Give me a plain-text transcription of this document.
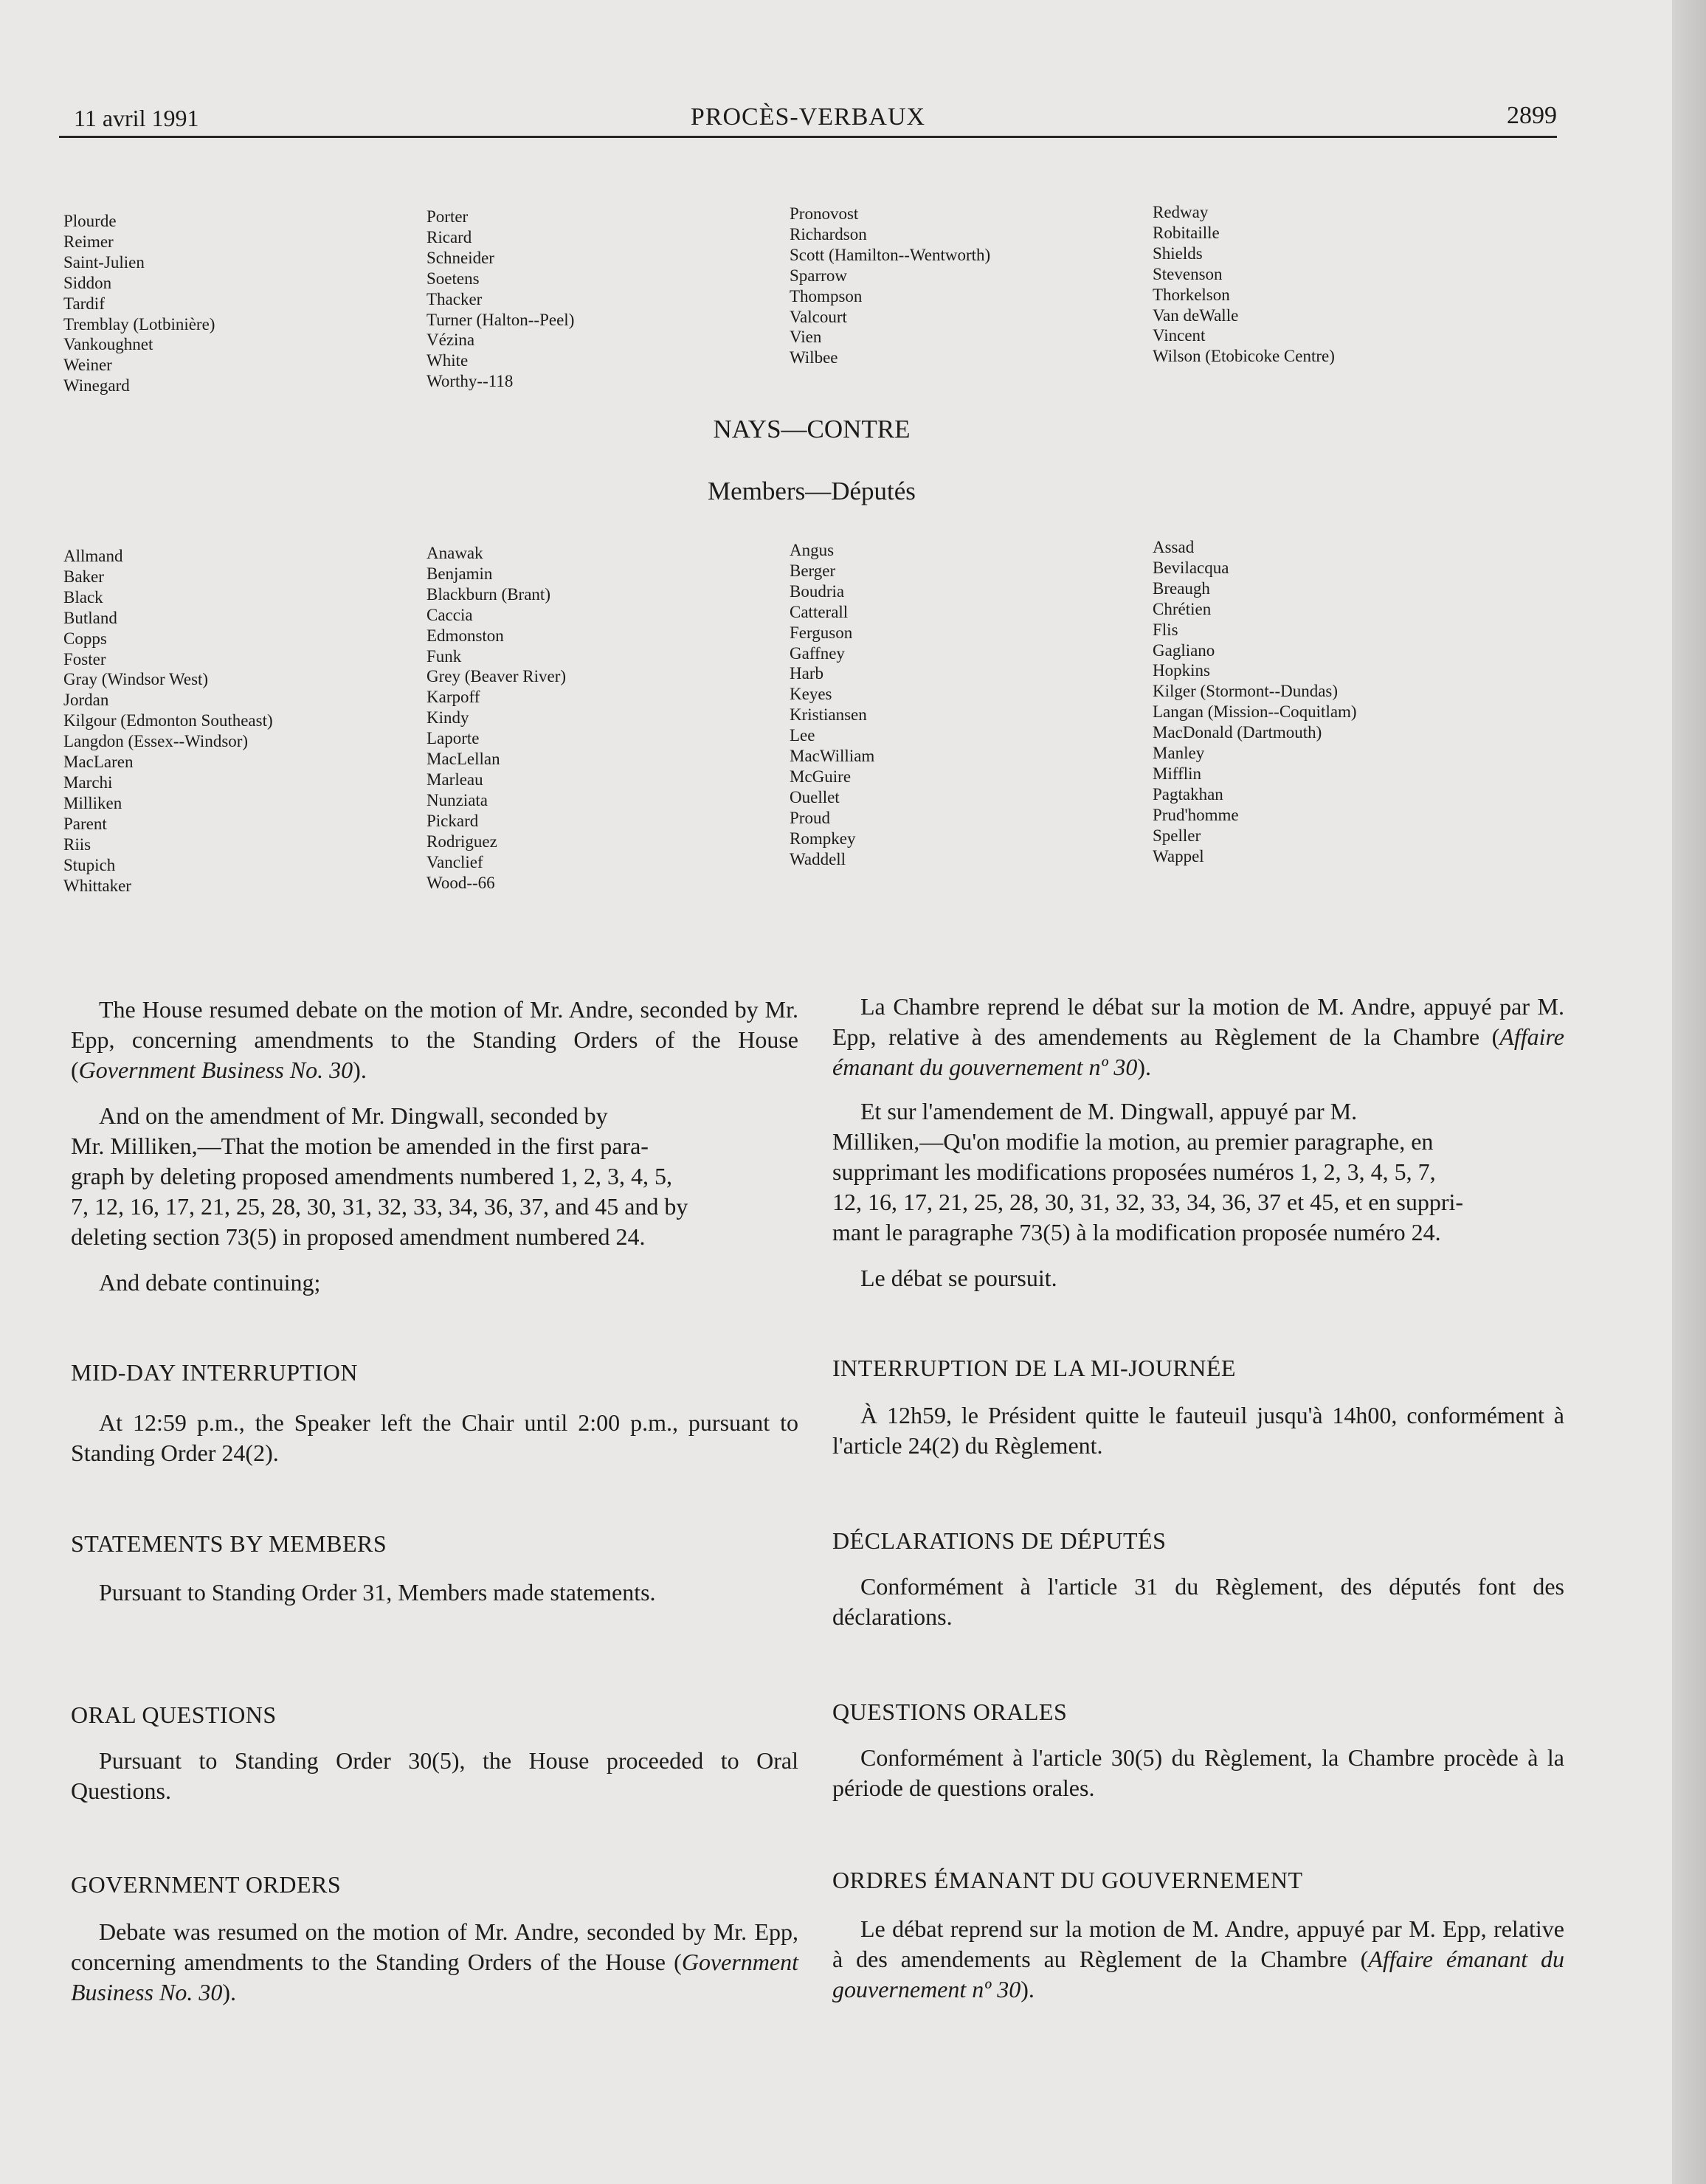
11 avril 1991	PROCÈS-VERBAUX	2899
Plourde
Reimer
Saint-Julien
Siddon
Tardif
Tremblay (Lotbinière)
Vankoughnet
Weiner
Winegard
Porter
Ricard
Schneider
Soetens
Thacker
Turner (Halton--Peel)
Vézina
White
Worthy--118
Pronovost
Richardson
Scott (Hamilton--Wentworth)
Sparrow
Thompson
Valcourt
Vien
Wilbee
Redway
Robitaille
Shields
Stevenson
Thorkelson
Van deWalle
Vincent
Wilson (Etobicoke Centre)
NAYS—CONTRE
Members—Députés
Allmand
Baker
Black
Butland
Copps
Foster
Gray (Windsor West)
Jordan
Kilgour (Edmonton Southeast)
Langdon (Essex--Windsor)
MacLaren
Marchi
Milliken
Parent
Riis
Stupich
Whittaker
Anawak
Benjamin
Blackburn (Brant)
Caccia
Edmonston
Funk
Grey (Beaver River)
Karpoff
Kindy
Laporte
MacLellan
Marleau
Nunziata
Pickard
Rodriguez
Vanclief
Wood--66
Angus
Berger
Boudria
Catterall
Ferguson
Gaffney
Harb
Keyes
Kristiansen
Lee
MacWilliam
McGuire
Ouellet
Proud
Rompkey
Waddell
Assad
Bevilacqua
Breaugh
Chrétien
Flis
Gagliano
Hopkins
Kilger (Stormont--Dundas)
Langan (Mission--Coquitlam)
MacDonald (Dartmouth)
Manley
Mifflin
Pagtakhan
Prud'homme
Speller
Wappel

The House resumed debate on the motion of Mr. Andre, seconded by Mr. Epp, concerning amendments to the Standing Orders of the House (Government Business No. 30).

And on the amendment of Mr. Dingwall, seconded by

Mr. Milliken,—That the motion be amended in the first para-

graph by deleting proposed amendments numbered 1, 2, 3, 4, 5,

7, 12, 16, 17, 21, 25, 28, 30, 31, 32, 33, 34, 36, 37, and 45 and by

deleting section 73(5) in proposed amendment numbered 24.

And debate continuing;

MID-DAY INTERRUPTION

At 12:59 p.m., the Speaker left the Chair until 2:00 p.m., pursuant to Standing Order 24(2).

STATEMENTS BY MEMBERS

Pursuant to Standing Order 31, Members made statements.

ORAL QUESTIONS

Pursuant to Standing Order 30(5), the House proceeded to Oral Questions.

GOVERNMENT ORDERS

Debate was resumed on the motion of Mr. Andre, seconded by Mr. Epp, concerning amendments to the Standing Orders of the House (Government Business No. 30).

La Chambre reprend le débat sur la motion de M. Andre, appuyé par M. Epp, relative à des amendements au Règlement de la Chambre (Affaire émanant du gouvernement nº 30).

Et sur l'amendement de M. Dingwall, appuyé par M.

Milliken,—Qu'on modifie la motion, au premier paragraphe, en

supprimant les modifications proposées numéros 1, 2, 3, 4, 5, 7,

12, 16, 17, 21, 25, 28, 30, 31, 32, 33, 34, 36, 37 et 45, et en suppri-

mant le paragraphe 73(5) à la modification proposée numéro 24.

Le débat se poursuit.

INTERRUPTION DE LA MI-JOURNÉE

À 12h59, le Président quitte le fauteuil jusqu'à 14h00, conformément à l'article 24(2) du Règlement.

DÉCLARATIONS DE DÉPUTÉS

Conformément à l'article 31 du Règlement, des députés font des déclarations.

QUESTIONS ORALES

Conformément à l'article 30(5) du Règlement, la Chambre procède à la période de questions orales.

ORDRES ÉMANANT DU GOUVERNEMENT

Le débat reprend sur la motion de M. Andre, appuyé par M. Epp, relative à des amendements au Règlement de la Chambre (Affaire émanant du gouvernement nº 30).
